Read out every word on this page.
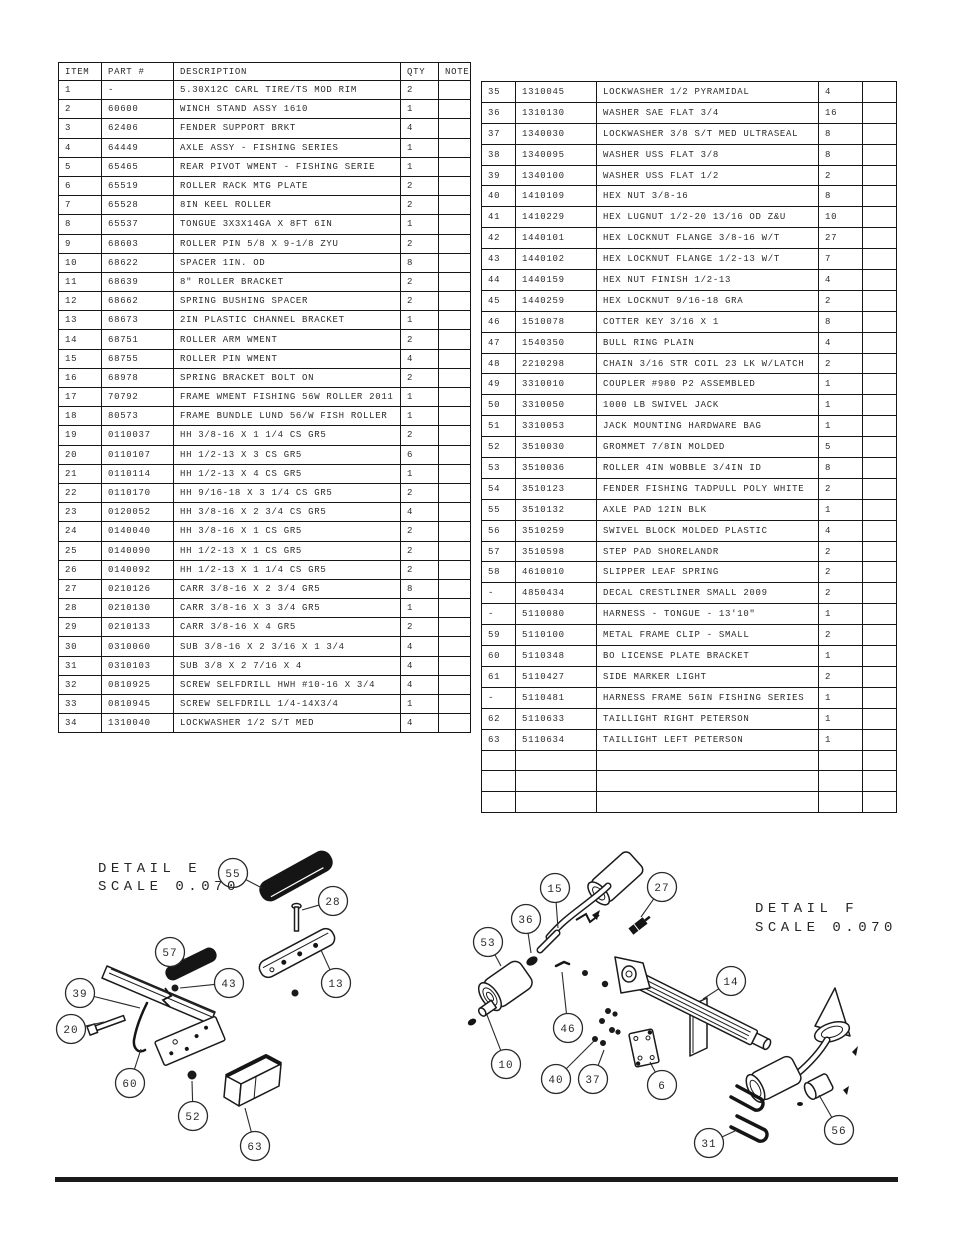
ITEM	PART #	DESCRIPTION	QTY	NOTE
1	-	5.30X12C CARL TIRE/TS MOD RIM	2	
2	60600	WINCH STAND ASSY 1610	1	
3	62406	FENDER SUPPORT BRKT	4	
4	64449	AXLE ASSY - FISHING SERIES	1	
5	65465	REAR PIVOT WMENT - FISHING SERIE	1	
6	65519	ROLLER RACK MTG PLATE	2	
7	65528	8IN KEEL ROLLER	2	
8	65537	TONGUE 3X3X14GA X 8FT 6IN	1	
9	68603	ROLLER PIN 5/8 X 9-1/8 ZYU	2	
10	68622	SPACER 1IN. OD	8	
11	68639	8" ROLLER BRACKET	2	
12	68662	SPRING BUSHING SPACER	2	
13	68673	2IN PLASTIC CHANNEL BRACKET	1	
14	68751	ROLLER ARM WMENT	2	
15	68755	ROLLER PIN WMENT	4	
16	68978	SPRING BRACKET BOLT ON	2	
17	70792	FRAME WMENT FISHING 56W ROLLER 2011	1	
18	80573	FRAME BUNDLE LUND 56/W FISH ROLLER	1	
19	0110037	HH 3/8-16 X 1 1/4 CS GR5	2	
20	0110107	HH 1/2-13 X 3 CS GR5	6	
21	0110114	HH 1/2-13 X 4 CS GR5	1	
22	0110170	HH 9/16-18 X 3 1/4 CS GR5	2	
23	0120052	HH 3/8-16 X 2 3/4 CS GR5	4	
24	0140040	HH 3/8-16 X 1 CS GR5	2	
25	0140090	HH 1/2-13 X 1 CS GR5	2	
26	0140092	HH 1/2-13 X 1 1/4 CS GR5	2	
27	0210126	CARR 3/8-16 X 2 3/4 GR5	8	
28	0210130	CARR 3/8-16 X 3 3/4 GR5	1	
29	0210133	CARR 3/8-16 X 4 GR5	2	
30	0310060	SUB 3/8-16 X 2 3/16 X 1 3/4	4	
31	0310103	SUB 3/8 X 2 7/16 X 4	4	
32	0810925	SCREW SELFDRILL HWH #10-16 X 3/4	4	
33	0810945	SCREW SELFDRILL 1/4-14X3/4	1	
34	1310040	LOCKWASHER 1/2 S/T MED	4	
35	1310045	LOCKWASHER 1/2 PYRAMIDAL	4	
36	1310130	WASHER SAE FLAT 3/4	16	
37	1340030	LOCKWASHER 3/8 S/T MED ULTRASEAL	8	
38	1340095	WASHER USS FLAT 3/8	8	
39	1340100	WASHER USS FLAT 1/2	2	
40	1410109	HEX NUT 3/8-16	8	
41	1410229	HEX LUGNUT 1/2-20 13/16 OD Z&U	10	
42	1440101	HEX LOCKNUT FLANGE 3/8-16 W/T	27	
43	1440102	HEX LOCKNUT FLANGE 1/2-13 W/T	7	
44	1440159	HEX NUT FINISH 1/2-13	4	
45	1440259	HEX LOCKNUT 9/16-18 GRA	2	
46	1510078	COTTER KEY 3/16 X 1	8	
47	1540350	BULL RING PLAIN	4	
48	2210298	CHAIN 3/16 STR COIL 23 LK W/LATCH	2	
49	3310010	COUPLER #980 P2 ASSEMBLED	1	
50	3310050	1000 LB SWIVEL JACK	1	
51	3310053	JACK MOUNTING HARDWARE BAG	1	
52	3510030	GROMMET 7/8IN MOLDED	5	
53	3510036	ROLLER 4IN WOBBLE 3/4IN ID	8	
54	3510123	FENDER FISHING TADPULL POLY WHITE	2	
55	3510132	AXLE PAD 12IN BLK	1	
56	3510259	SWIVEL BLOCK MOLDED PLASTIC	4	
57	3510598	STEP PAD SHORELANDR	2	
58	4610010	SLIPPER LEAF SPRING	2	
-	4850434	DECAL CRESTLINER SMALL 2009	2	
-	5110080	HARNESS - TONGUE - 13'10"	1	
59	5110100	METAL FRAME CLIP - SMALL	2	
60	5110348	BO LICENSE PLATE BRACKET	1	
61	5110427	SIDE MARKER LIGHT	2	
-	5110481	HARNESS FRAME 56IN FISHING SERIES	1	
62	5110633	TAILLIGHT RIGHT PETERSON	1	
63	5110634	TAILLIGHT LEFT PETERSON	1	

55
28
57
43	13
39
20
60
52
63
15	27
36
53
14
46
10
40 37	6
31
56
DETAIL E
SCALE 0.070
DETAIL F
SCALE 0.070
